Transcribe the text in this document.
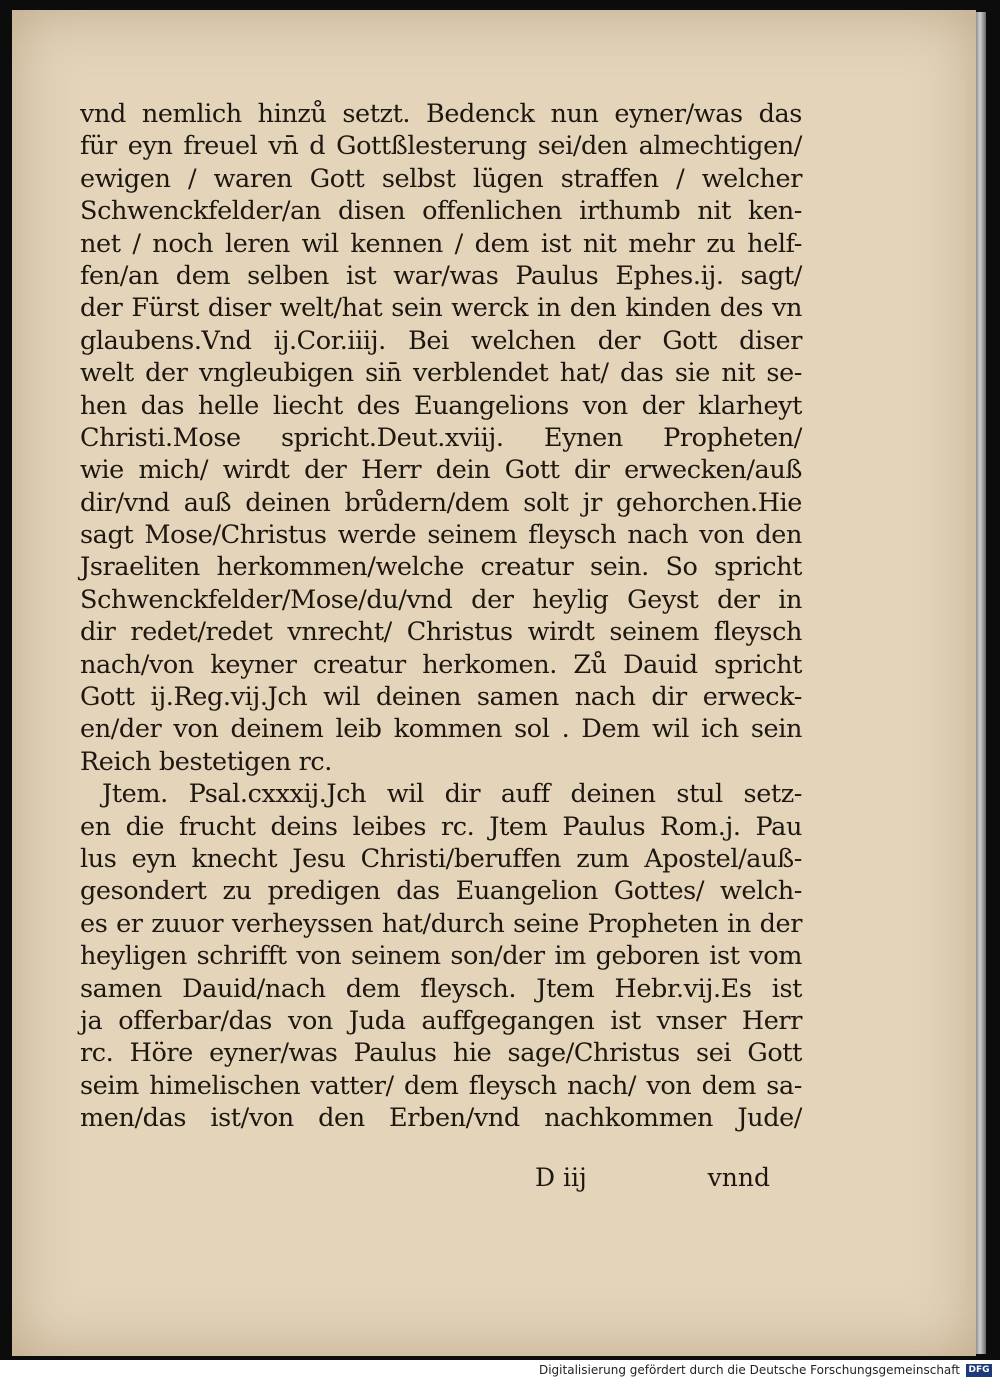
vnd nemlich hinzů setzt. Bedenck nun eyner/was das
für eyn freuel vn̄ d Gottßlesterung sei/den almechtigen/
ewigen / waren Gott selbst lügen straffen / welcher
Schwenckfelder/an disen offenlichen irthumb nit ken-
net / noch leren wil kennen / dem ist nit mehr zu helf-
fen/an dem selben ist war/was Paulus Ephes.ij. sagt/
der Fürst diser welt/hat sein werck in den kinden des vn
glaubens.Vnd ij.Cor.iiij. Bei welchen der Gott diser
welt der vngleubigen sin̄ verblendet hat/ das sie nit se-
hen das helle liecht des Euangelions von der klarheyt
Christi.Mose spricht.Deut.xviij. Eynen Propheten/
wie mich/ wirdt der Herr dein Gott dir erwecken/auß
dir/vnd auß deinen brůdern/dem solt jr gehorchen.Hie
sagt Mose/Christus werde seinem fleysch nach von den
Jsraeliten herkommen/welche creatur sein. So spricht
Schwenckfelder/Mose/du/vnd der heylig Geyst der in
dir redet/redet vnrecht/ Christus wirdt seinem fleysch
nach/von keyner creatur herkomen. Zů Dauid spricht
Gott ij.Reg.vij.Jch wil deinen samen nach dir erweck-
en/der von deinem leib kommen sol . Dem wil ich sein
Reich bestetigen rc.
Jtem. Psal.cxxxij.Jch wil dir auff deinen stul setz-
en die frucht deins leibes rc. Jtem Paulus Rom.j. Pau
lus eyn knecht Jesu Christi/beruffen zum Apostel/auß-
gesondert zu predigen das Euangelion Gottes/ welch-
es er zuuor verheyssen hat/durch seine Propheten in der
heyligen schrifft von seinem son/der im geboren ist vom
samen Dauid/nach dem fleysch. Jtem Hebr.vij.Es ist
ja offerbar/das von Juda auffgegangen ist vnser Herr
rc. Höre eyner/was Paulus hie sage/Christus sei Gott
seim himelischen vatter/ dem fleysch nach/ von dem sa-
men/das ist/von den Erben/vnd nachkommen Jude/
D iij	vnnd
Digitalisierung gefördert durch die Deutsche Forschungsgemeinschaft DFG
